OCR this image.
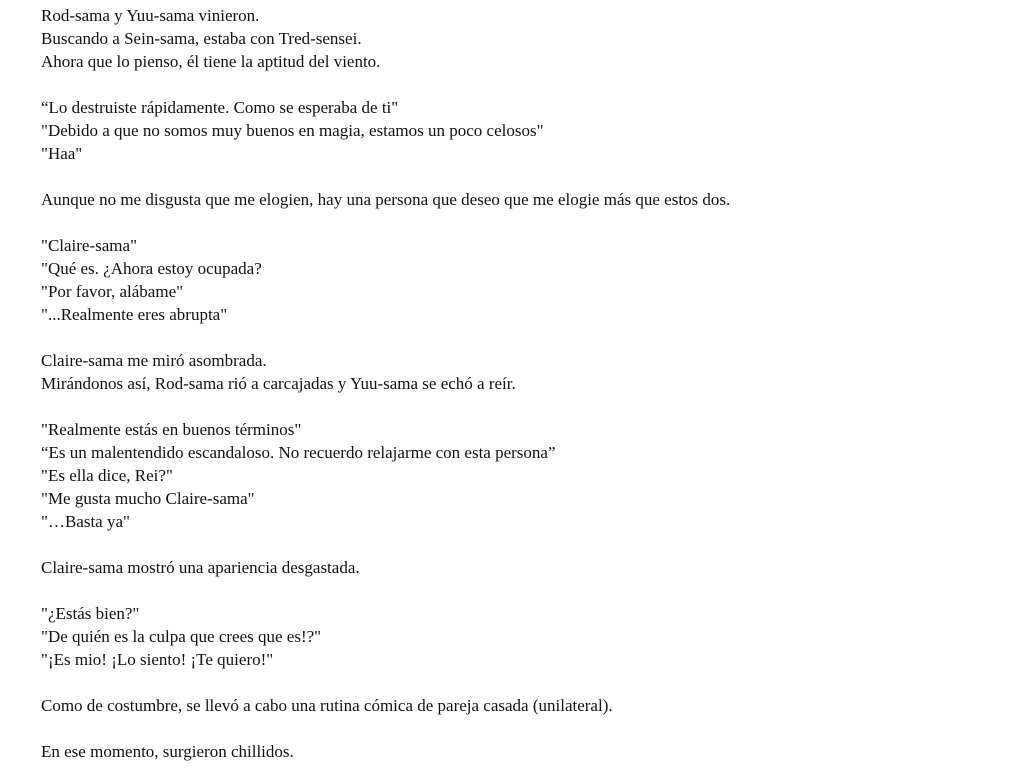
Rod-sama y Yuu-sama vinieron.
Buscando a Sein-sama, estaba con Tred-sensei.
Ahora que lo pienso, él tiene la aptitud del viento.
“Lo destruiste rápidamente. Como se esperaba de ti"
"Debido a que no somos muy buenos en magia, estamos un poco celosos"
"Haa"
Aunque no me disgusta que me elogien, hay una persona que deseo que me elogie más que estos dos.
"Claire-sama"
"Qué es. ¿Ahora estoy ocupada?
"Por favor, alábame"
"...Realmente eres abrupta"
Claire-sama me miró asombrada.
Mirándonos así, Rod-sama rió a carcajadas y Yuu-sama se echó a reír.
"Realmente estás en buenos términos"
“Es un malentendido escandaloso. No recuerdo relajarme con esta persona”
"Es ella dice, Rei?"
"Me gusta mucho Claire-sama"
"…Basta ya"
Claire-sama mostró una apariencia desgastada.
"¿Estás bien?"
"De quién es la culpa que crees que es!?"
"¡Es mio! ¡Lo siento! ¡Te quiero!"
Como de costumbre, se llevó a cabo una rutina cómica de pareja casada (unilateral).
En ese momento, surgieron chillidos.
